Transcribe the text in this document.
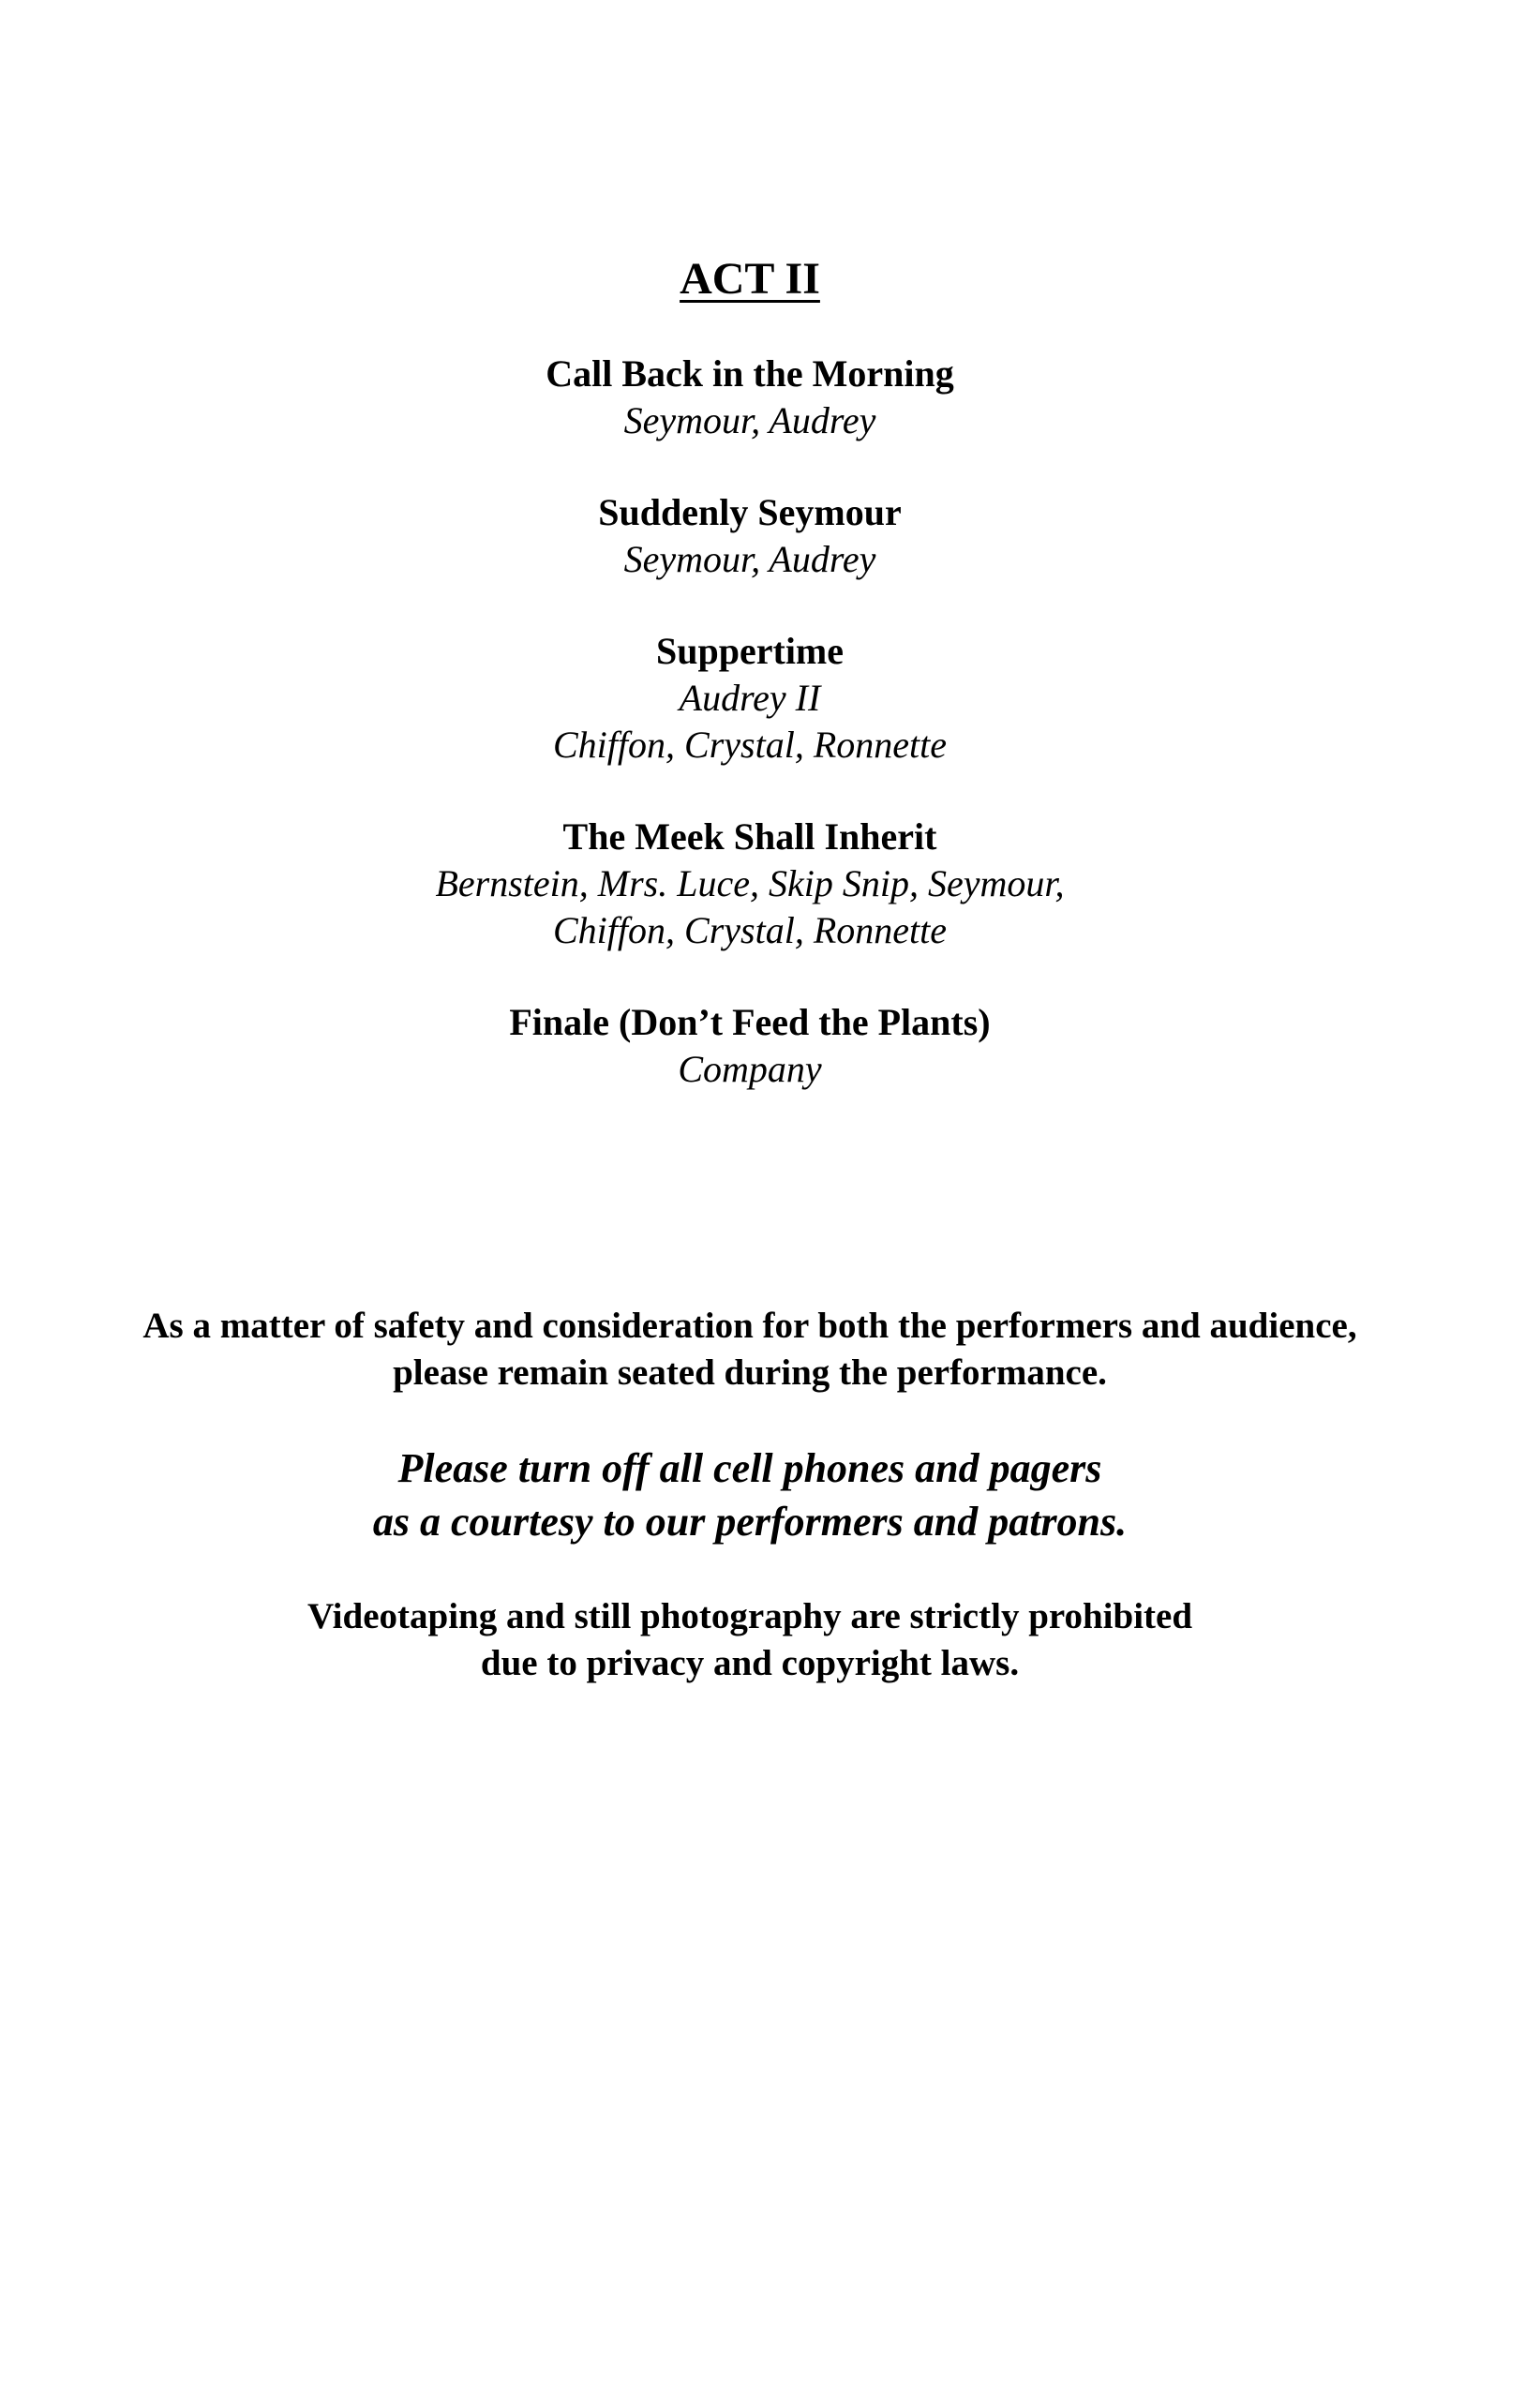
ACT II
Call Back in the Morning
Seymour, Audrey
Suddenly Seymour
Seymour, Audrey
Suppertime
Audrey II
Chiffon, Crystal, Ronnette
The Meek Shall Inherit
Bernstein, Mrs. Luce, Skip Snip, Seymour,
Chiffon, Crystal, Ronnette
Finale (Don’t Feed the Plants)
Company
As a matter of safety and consideration for both the performers and audience,
please remain seated during the performance.
Please turn off all cell phones and pagers
as a courtesy to our performers and patrons.
Videotaping and still photography are strictly prohibited
due to privacy and copyright laws.
